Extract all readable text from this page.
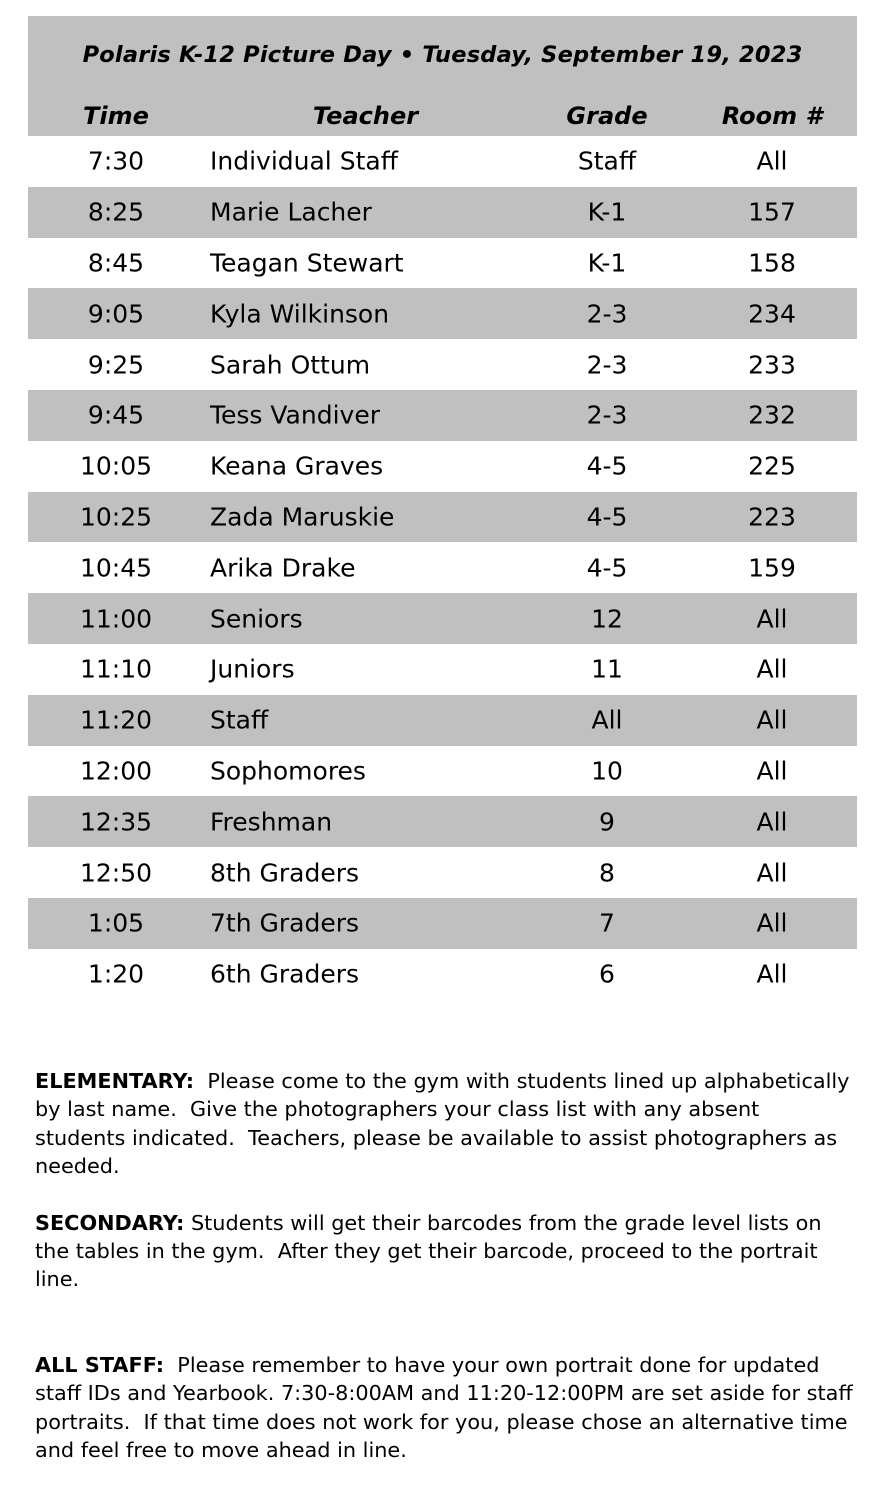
Polaris K-12 Picture Day • Tuesday, September 19, 2023
Time	Teacher	Grade	Room #
7:30	Individual Staff	Staff	All
8:25	Marie Lacher	K-1	157
8:45	Teagan Stewart	K-1	158
9:05	Kyla Wilkinson	2-3	234
9:25	Sarah Ottum	2-3	233
9:45	Tess Vandiver	2-3	232
10:05	Keana Graves	4-5	225
10:25	Zada Maruskie	4-5	223
10:45	Arika Drake	4-5	159
11:00	Seniors	12	All
11:10	Juniors	11	All
11:20	Staff	All	All
12:00	Sophomores	10	All
12:35	Freshman	9	All
12:50	8th Graders	8	All
1:05	7th Graders	7	All
1:20	6th Graders	6	All

ELEMENTARY:  Please come to the gym with students lined up alphabetically by last name.  Give the photographers your class list with any absent students indicated.  Teachers, please be available to assist photographers as needed.

SECONDARY: Students will get their barcodes from the grade level lists on the tables in the gym.  After they get their barcode, proceed to the portrait line.

ALL STAFF:  Please remember to have your own portrait done for updated staff IDs and Yearbook. 7:30-8:00AM and 11:20-12:00PM are set aside for staff portraits.  If that time does not work for you, please chose an alternative time and feel free to move ahead in line.
